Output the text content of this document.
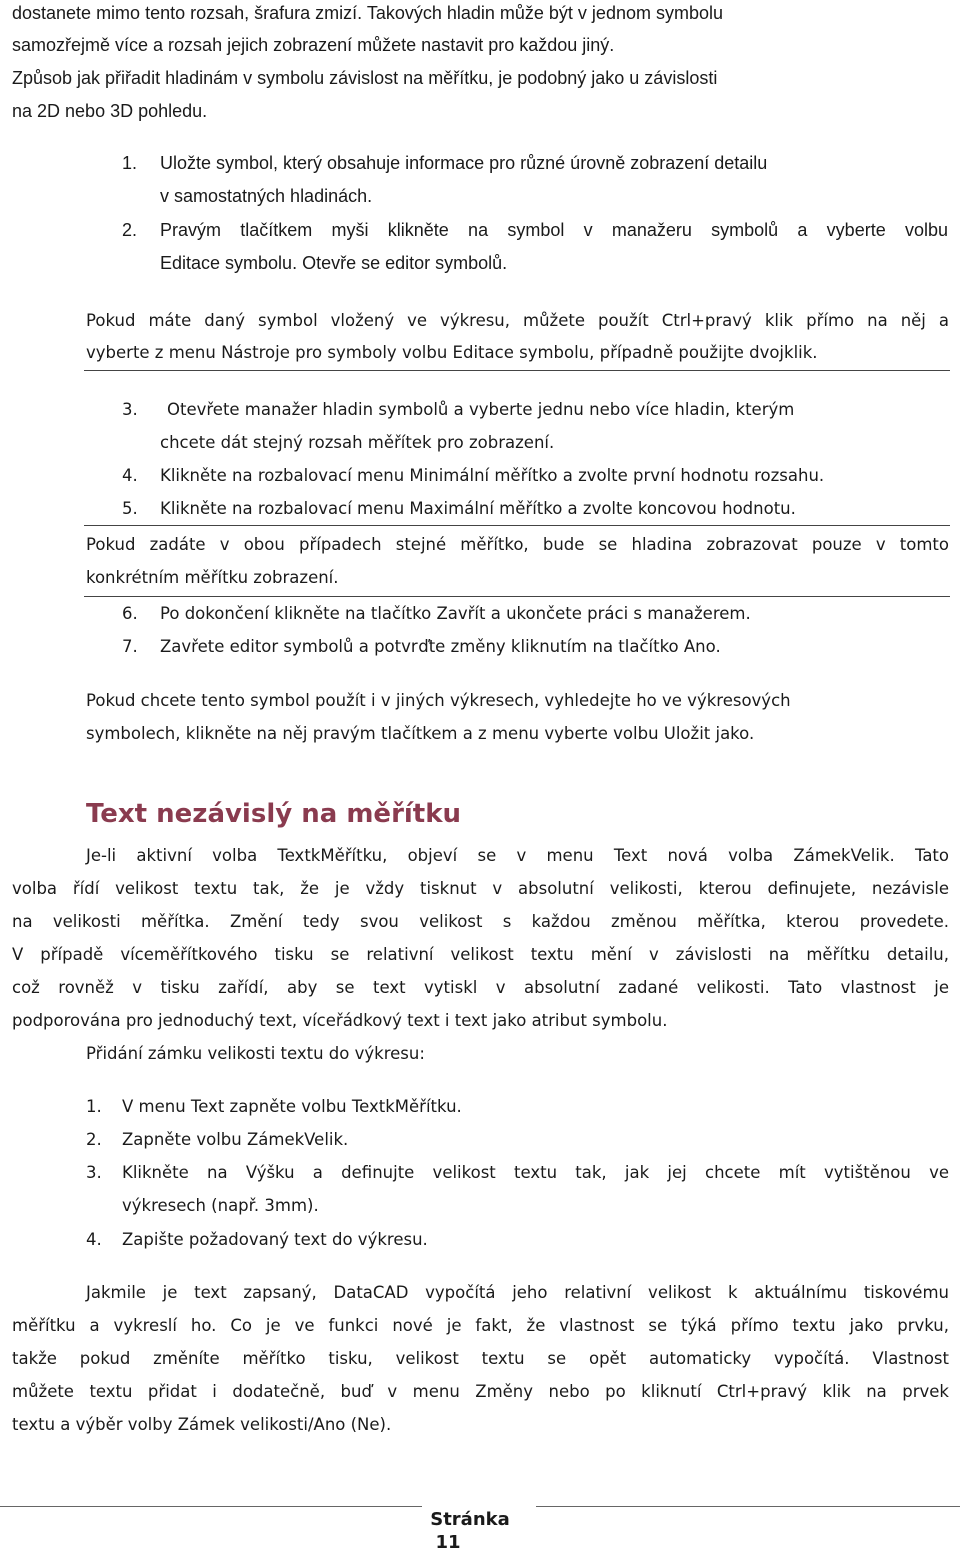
dostanete mimo tento rozsah, šrafura zmizí. Takových hladin může být v jednom symbolu
samozřejmě více a rozsah jejich zobrazení můžete nastavit pro každou jiný.
Způsob jak přiřadit hladinám v symbolu závislost na měřítku, je podobný jako u závislosti
na 2D nebo 3D pohledu.
1. Uložte symbol, který obsahuje informace pro různé úrovně zobrazení detailu
v samostatných hladinách.
2. Pravým tlačítkem myši klikněte na symbol v manažeru symbolů a vyberte volbu
Editace symbolu. Otevře se editor symbolů.
Pokud máte daný symbol vložený ve výkresu, můžete použít Ctrl+pravý klik přímo na něj a
vyberte z menu Nástroje pro symboly volbu Editace symbolu, případně použijte dvojklik.
3. Otevřete manažer hladin symbolů a vyberte jednu nebo více hladin, kterým
chcete dát stejný rozsah měřítek pro zobrazení.
4. Klikněte na rozbalovací menu Minimální měřítko a zvolte první hodnotu rozsahu.
5. Klikněte na rozbalovací menu Maximální měřítko a zvolte koncovou hodnotu.
Pokud zadáte v obou případech stejné měřítko, bude se hladina zobrazovat pouze v tomto
konkrétním měřítku zobrazení.
6. Po dokončení klikněte na tlačítko Zavřít a ukončete práci s manažerem.
7. Zavřete editor symbolů a potvrďte změny kliknutím na tlačítko Ano.
Pokud chcete tento symbol použít i v jiných výkresech, vyhledejte ho ve výkresových
symbolech, klikněte na něj pravým tlačítkem a z menu vyberte volbu Uložit jako.
Text nezávislý na měřítku
Je-li aktivní volba TextkMěřítku, objeví se v menu Text nová volba ZámekVelik. Tato
volba řídí velikost textu tak, že je vždy tisknut v absolutní velikosti, kterou definujete, nezávisle
na velikosti měřítka. Změní tedy svou velikost s každou změnou měřítka, kterou provedete.
V případě víceměřítkového tisku se relativní velikost textu mění v závislosti na měřítku detailu,
což rovněž v tisku zařídí, aby se text vytiskl v absolutní zadané velikosti. Tato vlastnost je
podporována pro jednoduchý text, víceřádkový text i text jako atribut symbolu.
Přidání zámku velikosti textu do výkresu:
1. V menu Text zapněte volbu TextkMěřítku.
2. Zapněte volbu ZámekVelik.
3. Klikněte na Výšku a definujte velikost textu tak, jak jej chcete mít vytištěnou ve
výkresech (např. 3mm).
4. Zapište požadovaný text do výkresu.
Jakmile je text zapsaný, DataCAD vypočítá jeho relativní velikost k aktuálnímu tiskovému
měřítku a vykreslí ho. Co je ve funkci nové je fakt, že vlastnost se týká přímo textu jako prvku,
takže pokud změníte měřítko tisku, velikost textu se opět automaticky vypočítá. Vlastnost
můžete textu přidat i dodatečně, buď v menu Změny nebo po kliknutí Ctrl+pravý klik na prvek
textu a výběr volby Zámek velikosti/Ano (Ne).
Stránka
11
